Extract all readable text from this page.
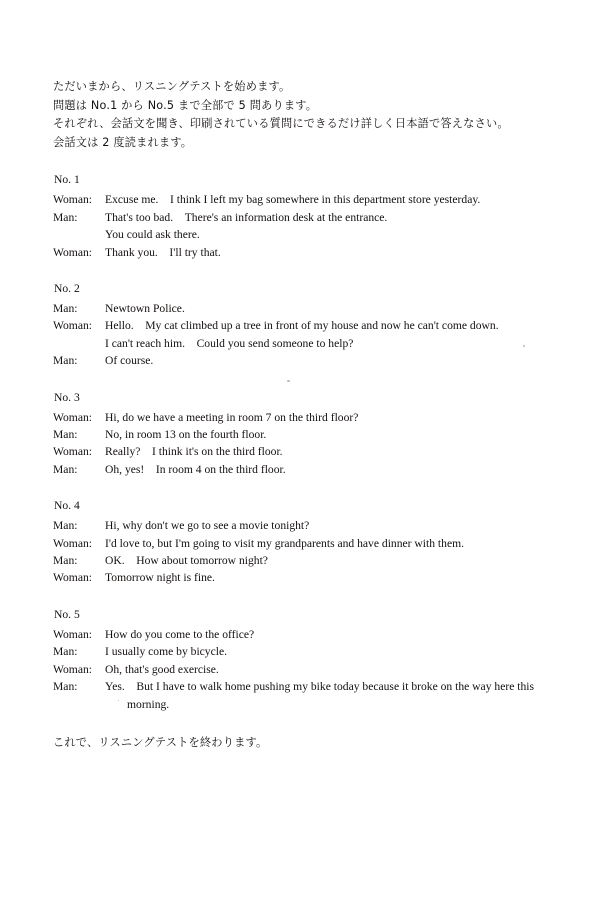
ただいまから、リスニングテストを始めます。
問題は No.1 から No.5 まで全部で 5 問あります。
それぞれ、会話文を聞き、印刷されている質問にできるだけ詳しく日本語で答えなさい。
会話文は 2 度読まれます。
No. 1
Woman:	Excuse me.　I think I left my bag somewhere in this department store yesterday.
Man:	That's too bad.　There's an information desk at the entrance.
You could ask there.
Woman:	Thank you.　I'll try that.
No. 2
Man:	Newtown Police.
Woman:	Hello.　My cat climbed up a tree in front of my house and now he can't come down.
I can't reach him.　Could you send someone to help?
Man:	Of course.
No. 3
Woman:	Hi, do we have a meeting in room 7 on the third floor?
Man:	No, in room 13 on the fourth floor.
Woman:	Really?　I think it's on the third floor.
Man:	Oh, yes!　In room 4 on the third floor.
No. 4
Man:	Hi, why don't we go to see a movie tonight?
Woman:	I'd love to, but I'm going to visit my grandparents and have dinner with them.
Man:	OK.　How about tomorrow night?
Woman:	Tomorrow night is fine.
No. 5
Woman:	How do you come to the office?
Man:	I usually come by bicycle.
Woman:	Oh, that's good exercise.
Man:	Yes.　But I have to walk home pushing my bike today because it broke on the way here this
morning.
これで、リスニングテストを終わります。
